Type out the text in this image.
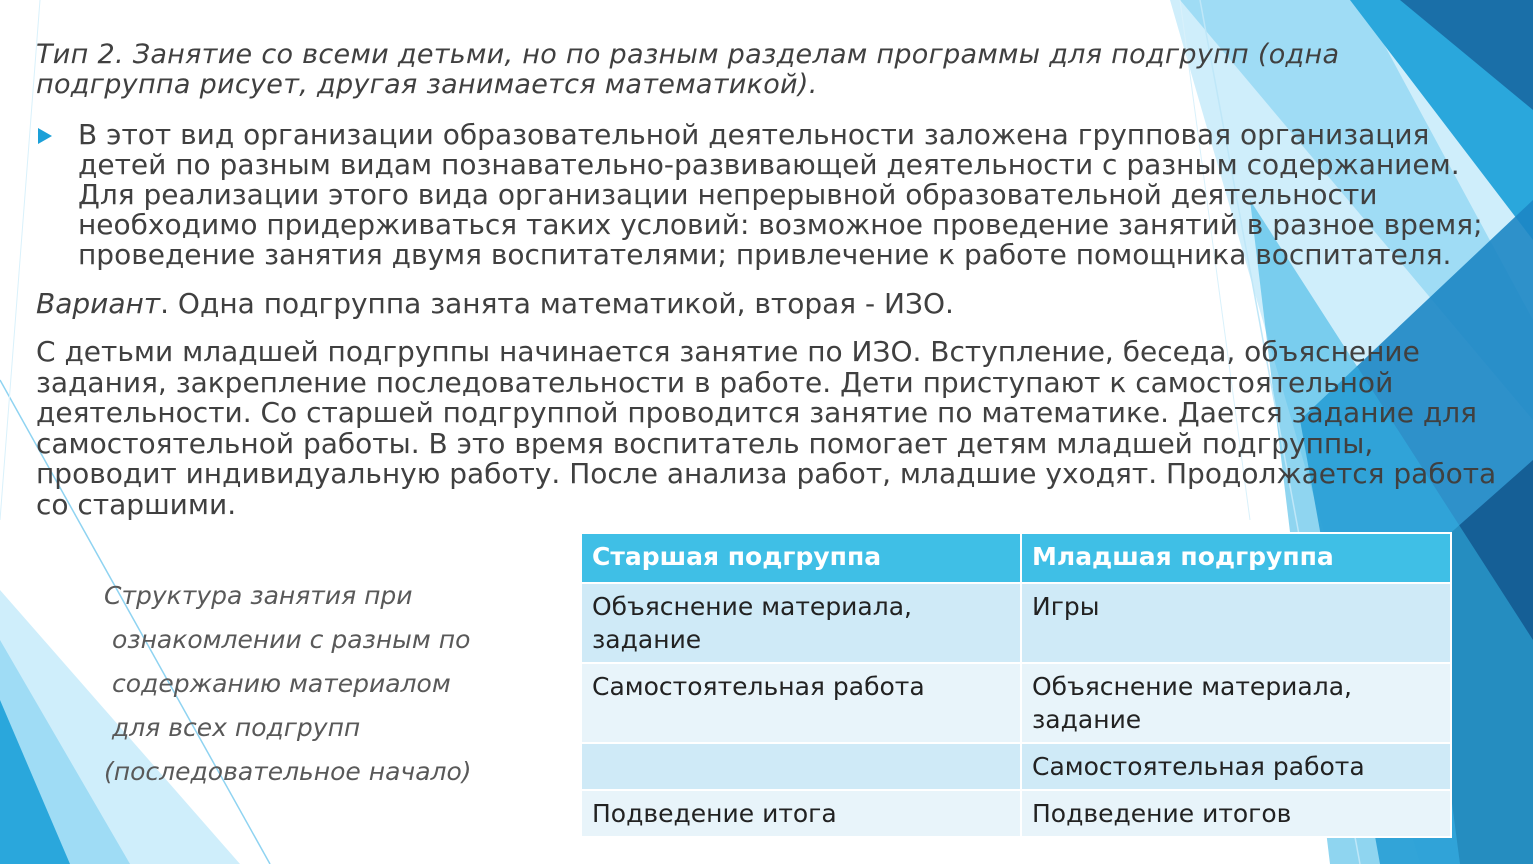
Тип 2. Занятие со всеми детьми, но по разным разделам программы для подгрупп (одна подгруппа рисует, другая занимается математикой).
В этот вид организации образовательной деятельности заложена групповая организация детей по разным видам познавательно-развивающей деятельности с разным содержанием. Для реализации этого вида организации непрерывной образовательной деятельности необходимо придерживаться таких условий: возможное проведение занятий в разное время; проведение занятия двумя воспитателями; привлечение к работе помощника воспитателя.
Вариант. Одна подгруппа занята математикой, вторая - ИЗО.
С детьми младшей подгруппы начинается занятие по ИЗО. Вступление, беседа, объяснение задания, закрепление последовательности в работе. Дети приступают к самостоятельной деятельности. Со старшей подгруппой проводится занятие по математике. Дается задание для самостоятельной работы. В это время воспитатель помогает детям младшей подгруппы, проводит индивидуальную работу. После анализа работ, младшие уходят. Продолжается работа со старшими.
Структура занятия при
ознакомлении с разным по
содержанию материалом
для всех подгрупп
(последовательное начало)
Старшая подгруппа	Младшая подгруппа
Объяснение материала, задание	Игры
Самостоятельная работа	Объяснение материала, задание
	Самостоятельная работа
Подведение итога	Подведение итогов
